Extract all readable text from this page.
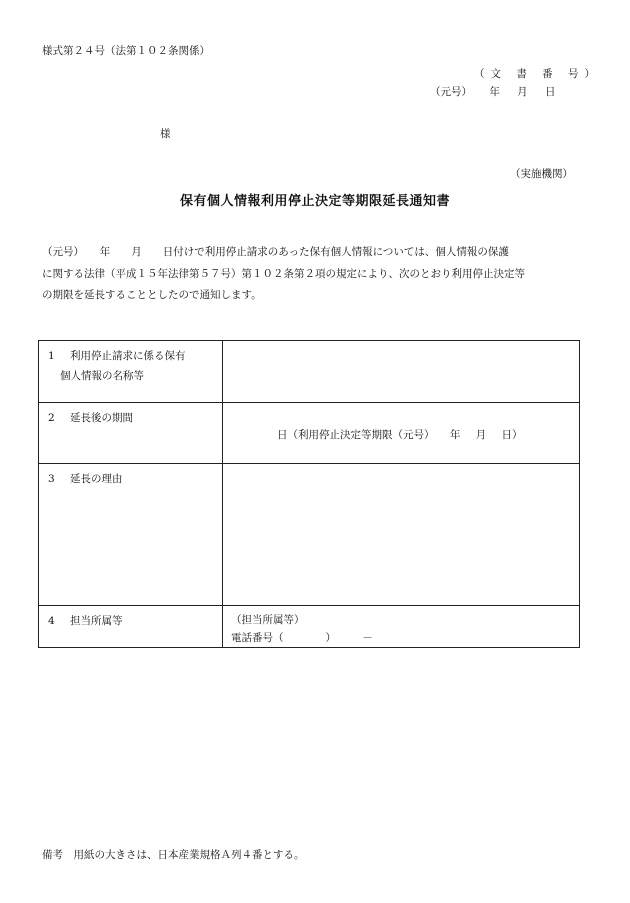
様式第２４号（法第１０２条関係）
（文 書 番 号）
（元号） 年 月 日
様
（実施機関）
保有個人情報利用停止決定等期限延長通知書
（元号）　　年　　月　　日付けで利用停止請求のあった保有個人情報については、個人情報の保護
に関する法律（平成１５年法律第５７号）第１０２条第２項の規定により、次のとおり利用停止決定等
の期限を延長することとしたので通知します。
1 利用停止請求に係る保有
個人情報の名称等	
2 延長後の期間	日（利用停止決定等期限（元号） 年 月 日）

3 延長の理由	
4 担当所属等	（担当所属等）
電話番号（　　　　）　　　－
備考　用紙の大きさは、日本産業規格Ａ列４番とする。
